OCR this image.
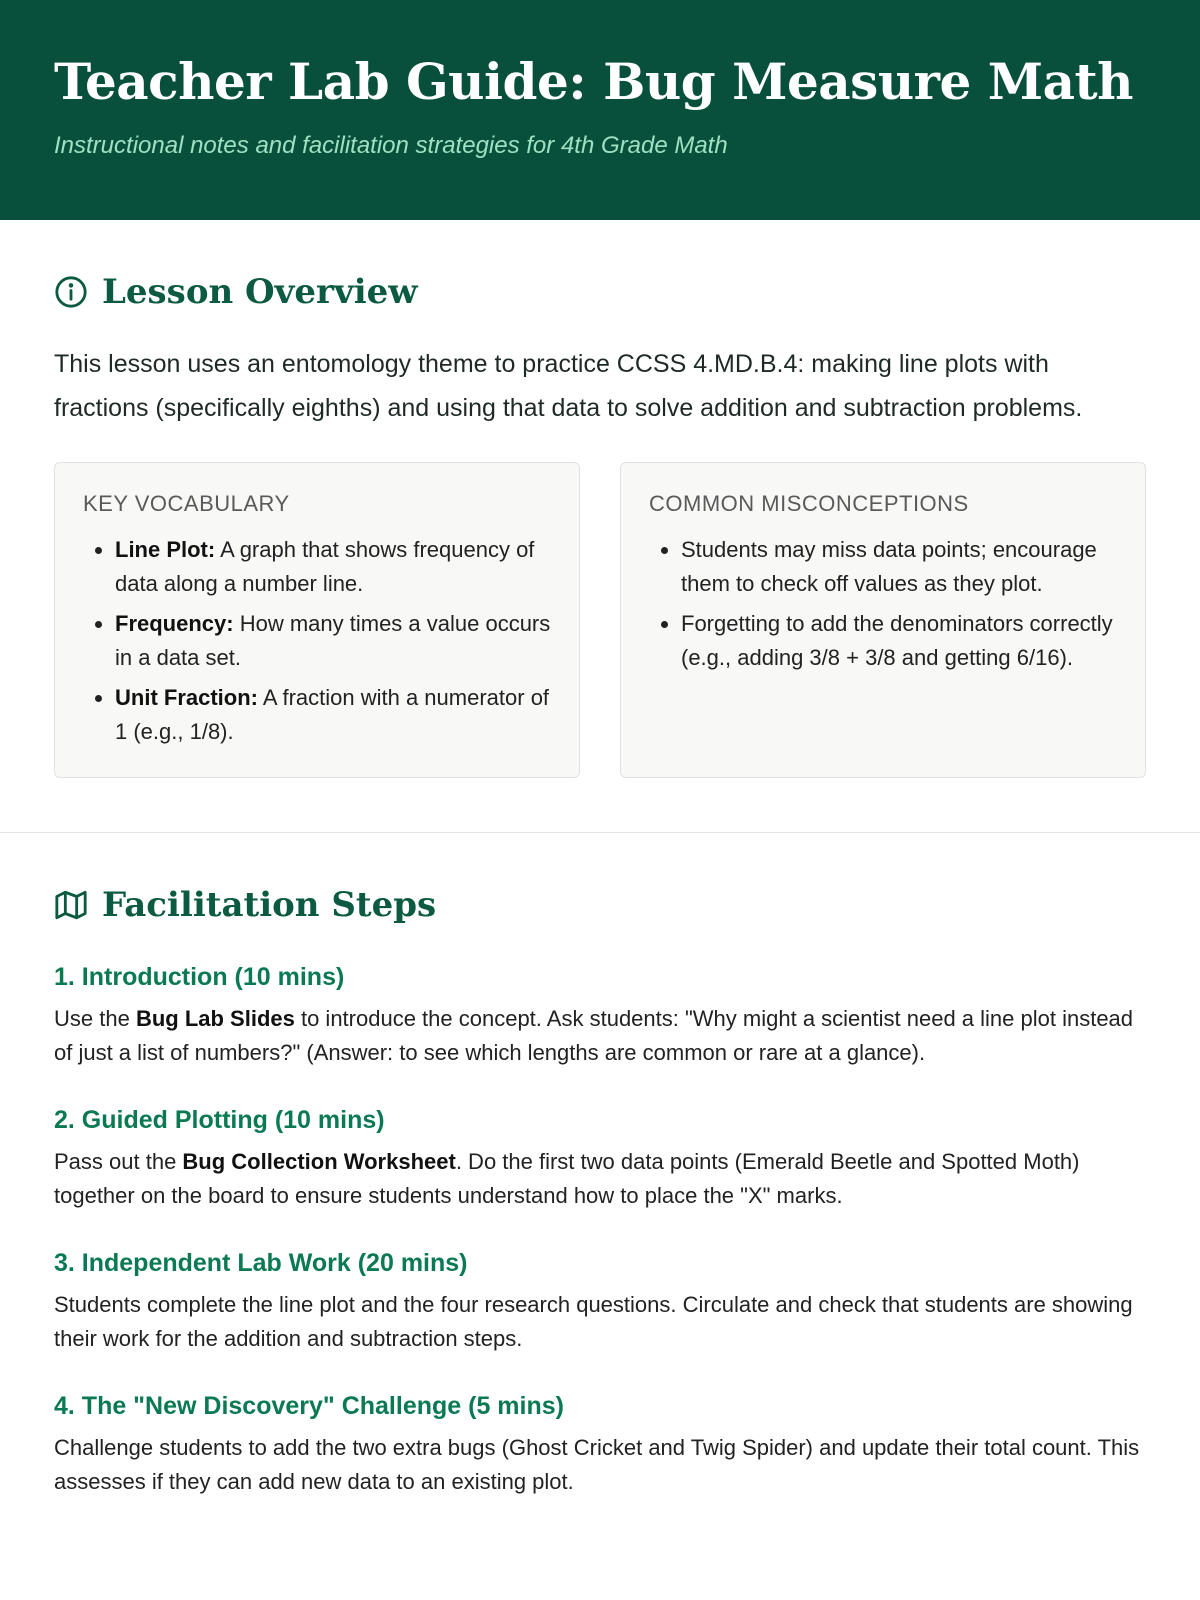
Teacher Lab Guide: Bug Measure Math
Instructional notes and facilitation strategies for 4th Grade Math
Lesson Overview

This lesson uses an entomology theme to practice CCSS 4.MD.B.4: making line plots with fractions (specifically eighths) and using that data to solve addition and subtraction problems.

KEY VOCABULARY
• Line Plot: A graph that shows frequency of data along a number line.
• Frequency: How many times a value occurs in a data set.
• Unit Fraction: A fraction with a numerator of 1 (e.g., 1/8).
COMMON MISCONCEPTIONS
• Students may miss data points; encourage them to check off values as they plot.
• Forgetting to add the denominators correctly (e.g., adding 3/8 + 3/8 and getting 6/16).
Facilitation Steps
1. Introduction (10 mins)

Use the Bug Lab Slides to introduce the concept. Ask students: "Why might a scientist need a line plot instead of just a list of numbers?" (Answer: to see which lengths are common or rare at a glance).

2. Guided Plotting (10 mins)

Pass out the Bug Collection Worksheet. Do the first two data points (Emerald Beetle and Spotted Moth) together on the board to ensure students understand how to place the "X" marks.

3. Independent Lab Work (20 mins)

Students complete the line plot and the four research questions. Circulate and check that students are showing their work for the addition and subtraction steps.

4. The "New Discovery" Challenge (5 mins)

Challenge students to add the two extra bugs (Ghost Cricket and Twig Spider) and update their total count. This assesses if they can add new data to an existing plot.
